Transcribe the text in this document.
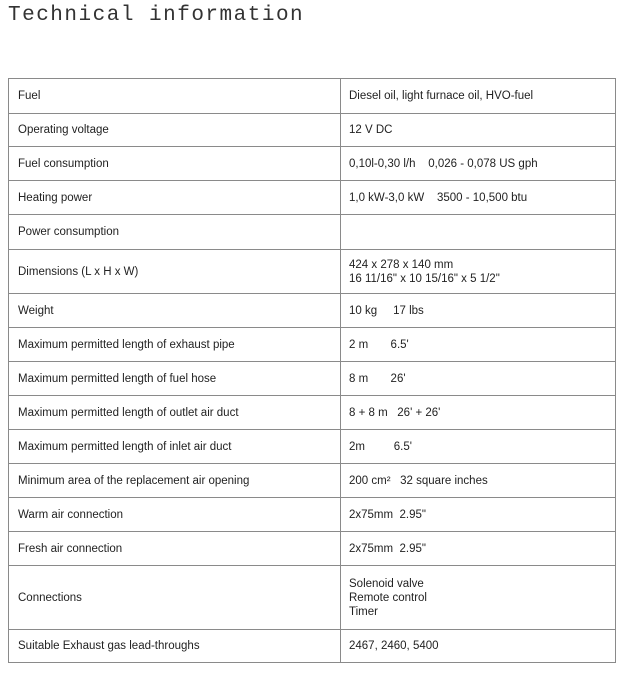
Technical information
Fuel	Diesel oil, light furnace oil, HVO-fuel
Operating voltage	12 V DC
Fuel consumption	0,10l-0,30 l/h 0,026 - 0,078 US gph
Heating power	1,0 kW-3,0 kW 3500 - 10,500 btu
Power consumption	
Dimensions (L x H x W)	424 x 278 x 140 mm
16 11/16" x 10 15/16" x 5 1/2"

Weight	10 kg 17 lbs
Maximum permitted length of exhaust pipe	2 m 6.5'
Maximum permitted length of fuel hose	8 m 26'
Maximum permitted length of outlet air duct	8 + 8 m 26' + 26'
Maximum permitted length of inlet air duct	2m 6.5'
Minimum area of the replacement air opening	200 cm² 32 square inches
Warm air connection	2x75mm 2.95"
Fresh air connection	2x75mm 2.95"
Connections	Solenoid valve
Remote control
Timer

Suitable Exhaust gas lead-throughs	2467, 2460, 5400
